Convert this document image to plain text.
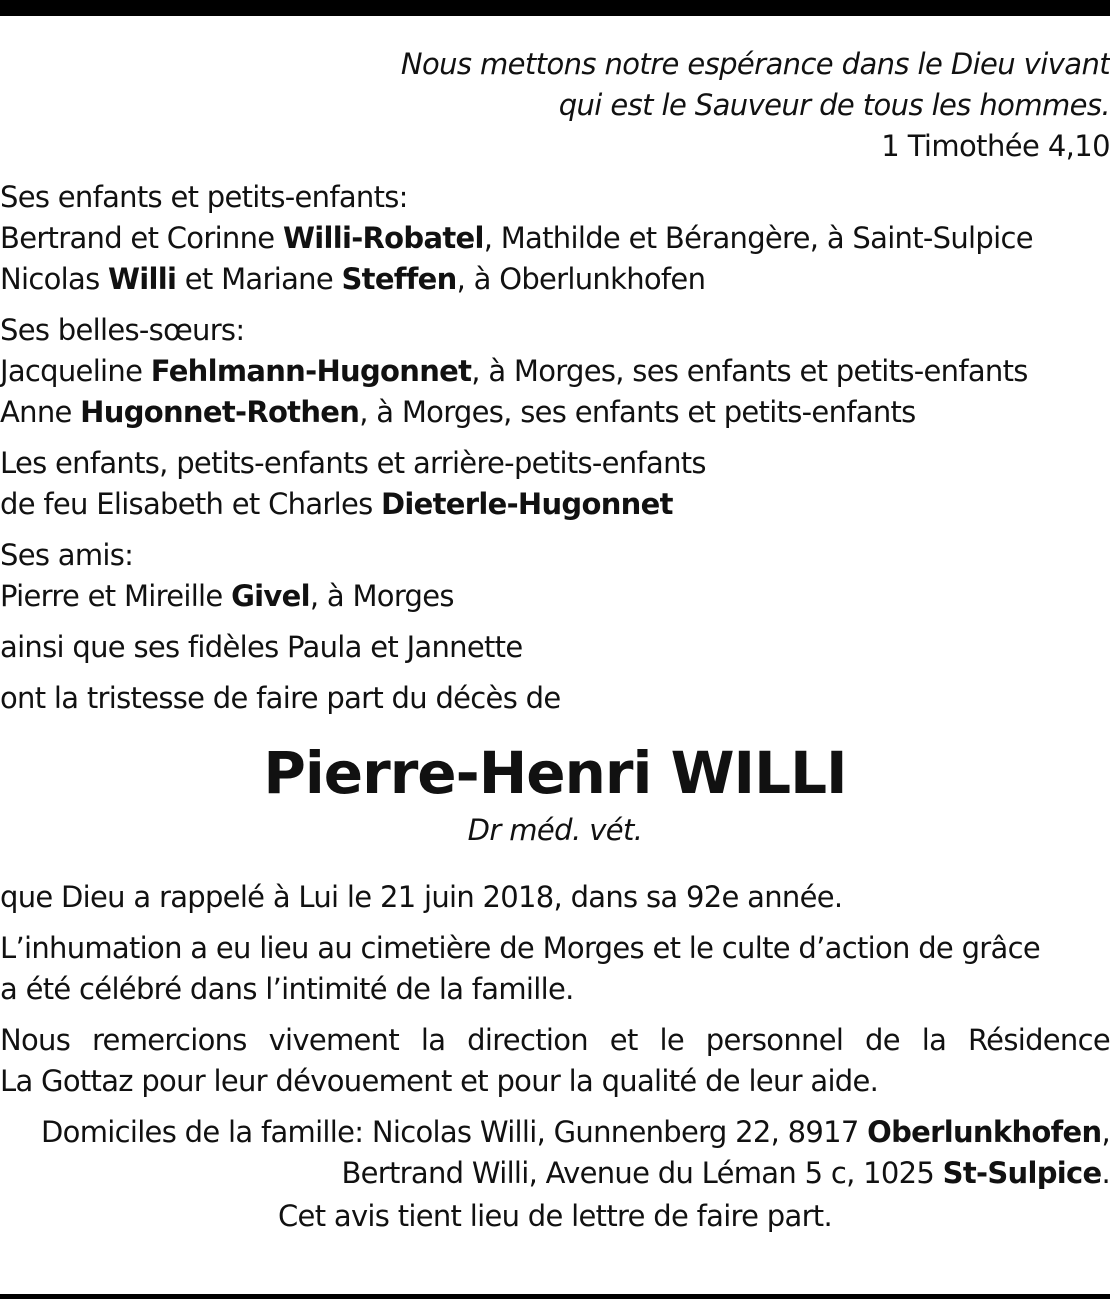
Nous mettons notre espérance dans le Dieu vivant
qui est le Sauveur de tous les hommes.
1 Timothée 4,10
Ses enfants et petits-enfants:
Bertrand et Corinne Willi-Robatel, Mathilde et Bérangère, à Saint-Sulpice
Nicolas Willi et Mariane Steffen, à Oberlunkhofen
Ses belles-sœurs:
Jacqueline Fehlmann-Hugonnet, à Morges, ses enfants et petits-enfants
Anne Hugonnet-Rothen, à Morges, ses enfants et petits-enfants
Les enfants, petits-enfants et arrière-petits-enfants
de feu Elisabeth et Charles Dieterle-Hugonnet
Ses amis:
Pierre et Mireille Givel, à Morges
ainsi que ses fidèles Paula et Jannette
ont la tristesse de faire part du décès de
Pierre-Henri WILLI
Dr méd. vét.
que Dieu a rappelé à Lui le 21 juin 2018, dans sa 92e année.
L’inhumation a eu lieu au cimetière de Morges et le culte d’action de grâce
a été célébré dans l’intimité de la famille.
Nous remercions vivement la direction et le personnel de la Résidence
La Gottaz pour leur dévouement et pour la qualité de leur aide.
Domiciles de la famille: Nicolas Willi, Gunnenberg 22, 8917 Oberlunkhofen,
Bertrand Willi, Avenue du Léman 5 c, 1025 St-Sulpice.
Cet avis tient lieu de lettre de faire part.
